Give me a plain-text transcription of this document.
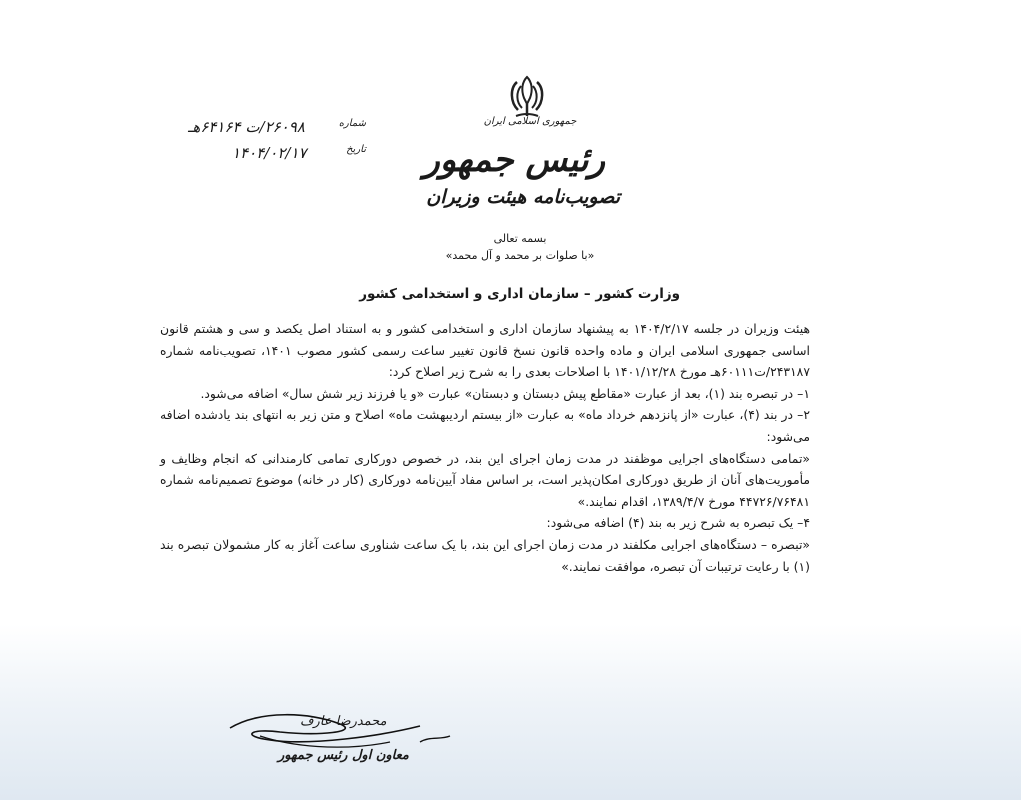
جمهوری اسلامی ایران
رئیس جمهور
تصویب‌نامه هیئت وزیران
شماره
۲۶۰۹۸/ت ۶۴۱۶۴هـ
تاریخ
۱۴۰۴/۰۲/۱۷
بسمه تعالی
«با صلوات بر محمد و آل محمد»
وزارت کشور – سازمان اداری و استخدامی کشور

هیئت وزیران در جلسه ۱۴۰۴/۲/۱۷ به پیشنهاد سازمان اداری و استخدامی کشور و به استناد اصل یکصد و سی و هشتم قانون اساسی جمهوری اسلامی ایران و ماده واحده قانون نسخ قانون تغییر ساعت رسمی کشور مصوب ۱۴۰۱، تصویب‌نامه شماره ۲۴۳۱۸۷/ت۶۰۱۱۱هـ مورخ ۱۴۰۱/۱۲/۲۸ با اصلاحات بعدی را به شرح زیر اصلاح کرد:

۱– در تبصره بند (۱)، بعد از عبارت «مقاطع پیش دبستان و دبستان» عبارت «و یا فرزند زیر شش سال» اضافه می‌شود.

۲– در بند (۴)، عبارت «از پانزدهم خرداد ماه» به عبارت «از بیستم اردیبهشت ماه» اصلاح و متن زیر به انتهای بند یادشده اضافه می‌شود:

«تمامی دستگاه‌های اجرایی موظفند در مدت زمان اجرای این بند، در خصوص دورکاری تمامی کارمندانی که انجام وظایف و مأموریت‌های آنان از طریق دورکاری امکان‌پذیر است، بر اساس مفاد آیین‌نامه دورکاری (کار در خانه) موضوع تصمیم‌نامه شماره ۴۴۷۲۶/۷۶۴۸۱ مورخ ۱۳۸۹/۴/۷، اقدام نمایند.»

۴– یک تبصره به شرح زیر به بند (۴) اضافه می‌شود:

«تبصره – دستگاه‌های اجرایی مکلفند در مدت زمان اجرای این بند، با یک ساعت شناوری ساعت آغاز به کار مشمولان تبصره بند (۱) با رعایت ترتیبات آن تبصره، موافقت نمایند.»

محمدرضا عارف
معاون اول رئیس جمهور
